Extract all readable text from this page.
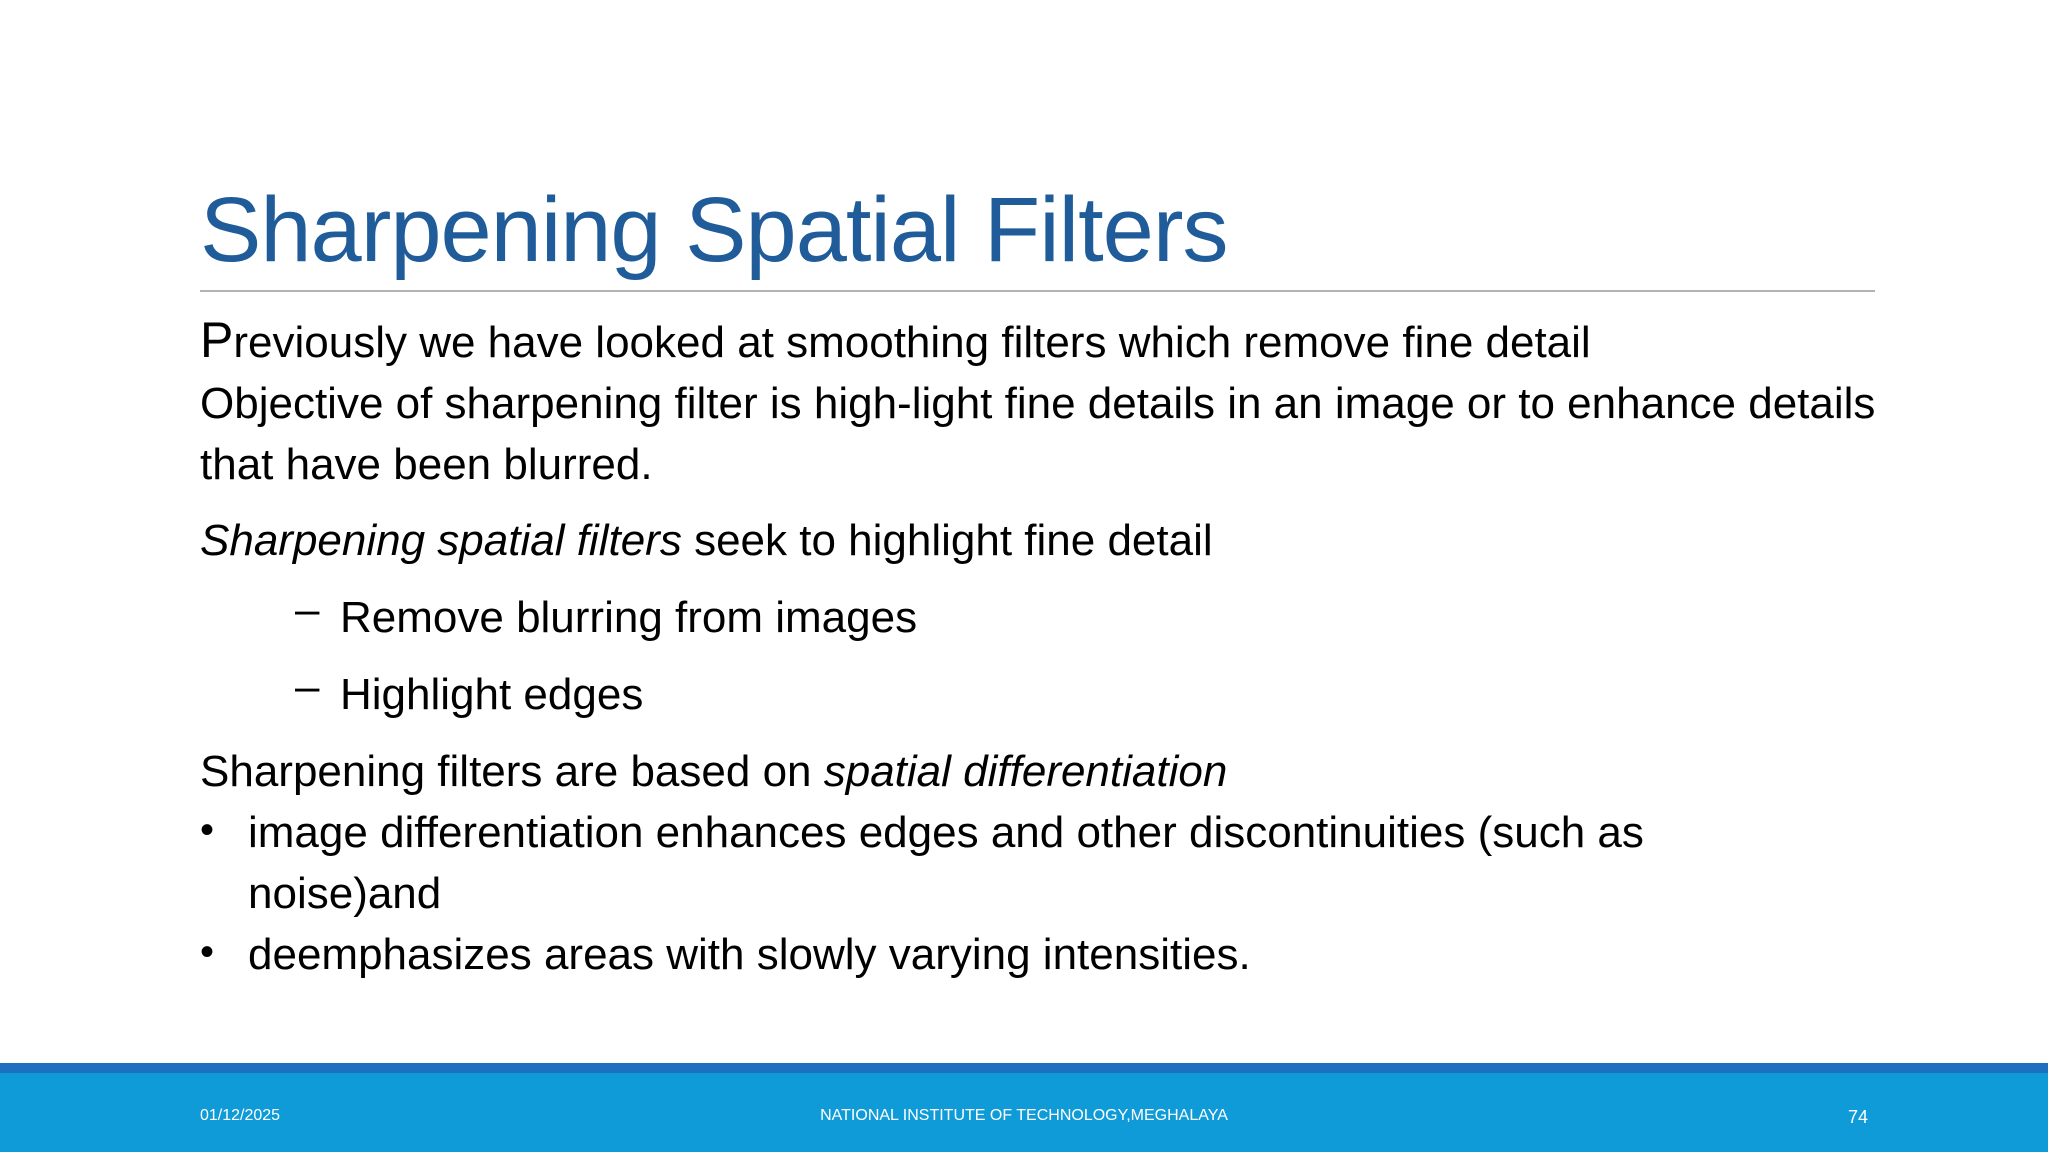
Sharpening Spatial Filters
Previously we have looked at smoothing filters which remove fine detail
Objective of sharpening filter is high-light fine details in an image or to enhance details
that have been blurred.
Sharpening spatial filters seek to highlight fine detail
– Remove blurring from images
– Highlight edges
Sharpening filters are based on spatial differentiation
• image differentiation enhances edges and other discontinuities (such as
noise)and
• deemphasizes areas with slowly varying intensities.
01/12/2025	NATIONAL INSTITUTE OF TECHNOLOGY,MEGHALAYA	74
